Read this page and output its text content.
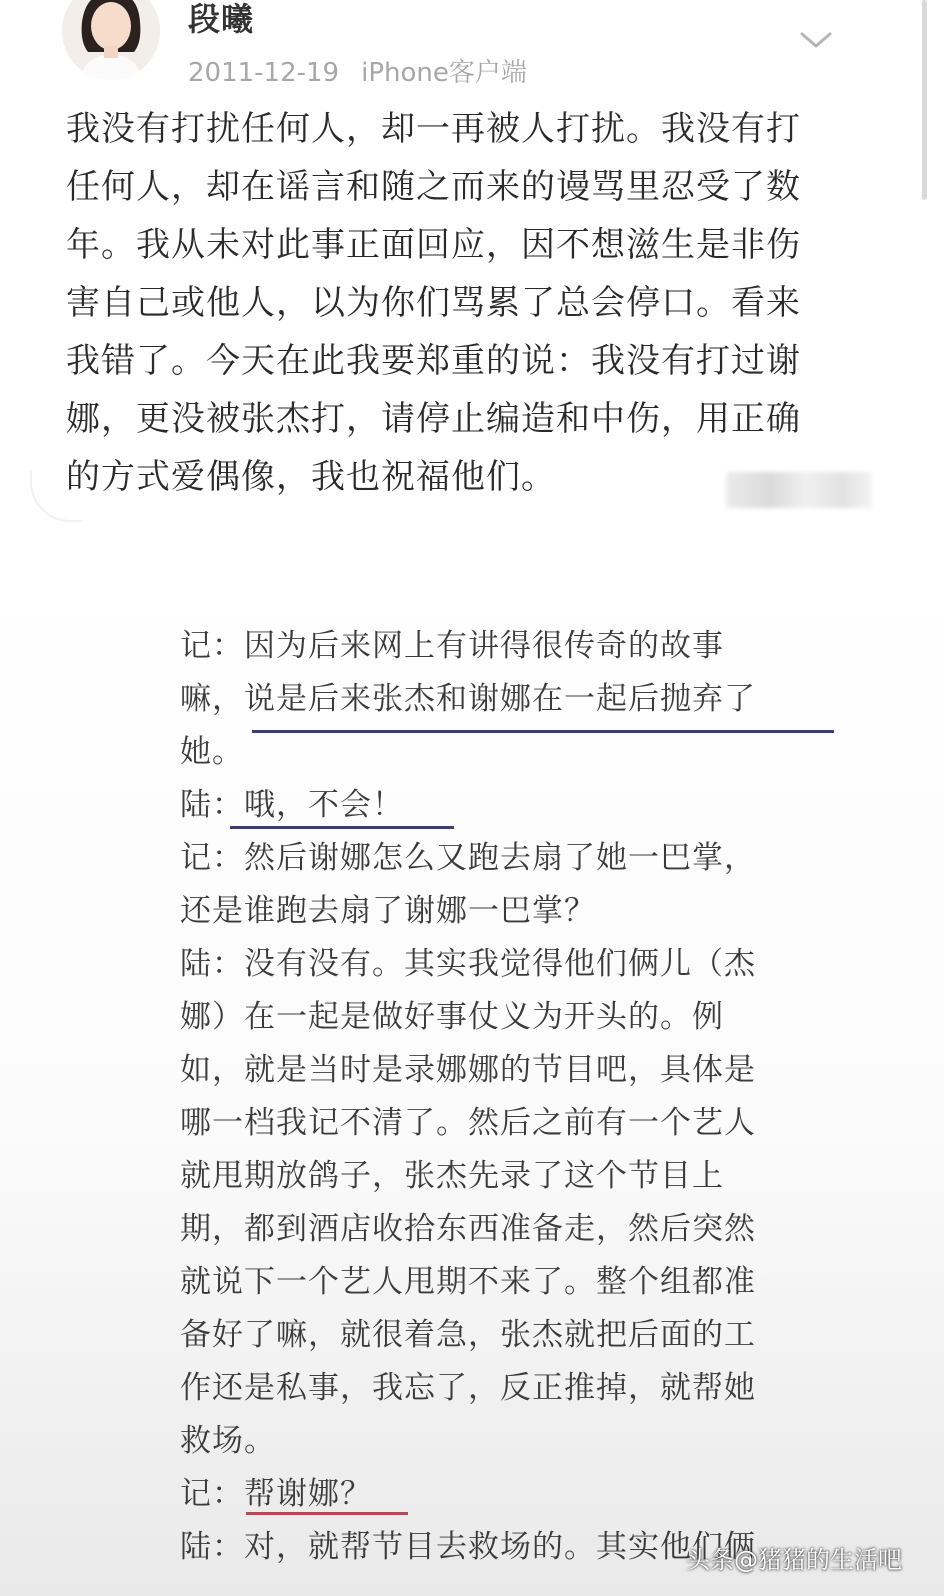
段曦
2011-12-19 iPhone客户端
我没有打扰任何人，却一再被人打扰。我没有打
任何人，却在谣言和随之而来的谩骂里忍受了数
年。我从未对此事正面回应，因不想滋生是非伤
害自己或他人，以为你们骂累了总会停口。看来
我错了。今天在此我要郑重的说：我没有打过谢
娜，更没被张杰打，请停止编造和中伤，用正确
的方式爱偶像，我也祝福他们。

记：因为后来网上有讲得很传奇的故事

嘛，说是后来张杰和谢娜在一起后抛弃了

她。

陆：哦，不会！

记：然后谢娜怎么又跑去扇了她一巴掌，

还是谁跑去扇了谢娜一巴掌？

陆：没有没有。其实我觉得他们俩儿（杰

娜）在一起是做好事仗义为开头的。例

如，就是当时是录娜娜的节目吧，具体是

哪一档我记不清了。然后之前有一个艺人

就甩期放鸽子，张杰先录了这个节目上

期，都到酒店收拾东西准备走，然后突然

就说下一个艺人甩期不来了。整个组都准

备好了嘛，就很着急，张杰就把后面的工

作还是私事，我忘了，反正推掉，就帮她

救场。

记：帮谢娜？

陆：对，就帮节目去救场的。其实他们俩

头条@猪猪的生活吧
